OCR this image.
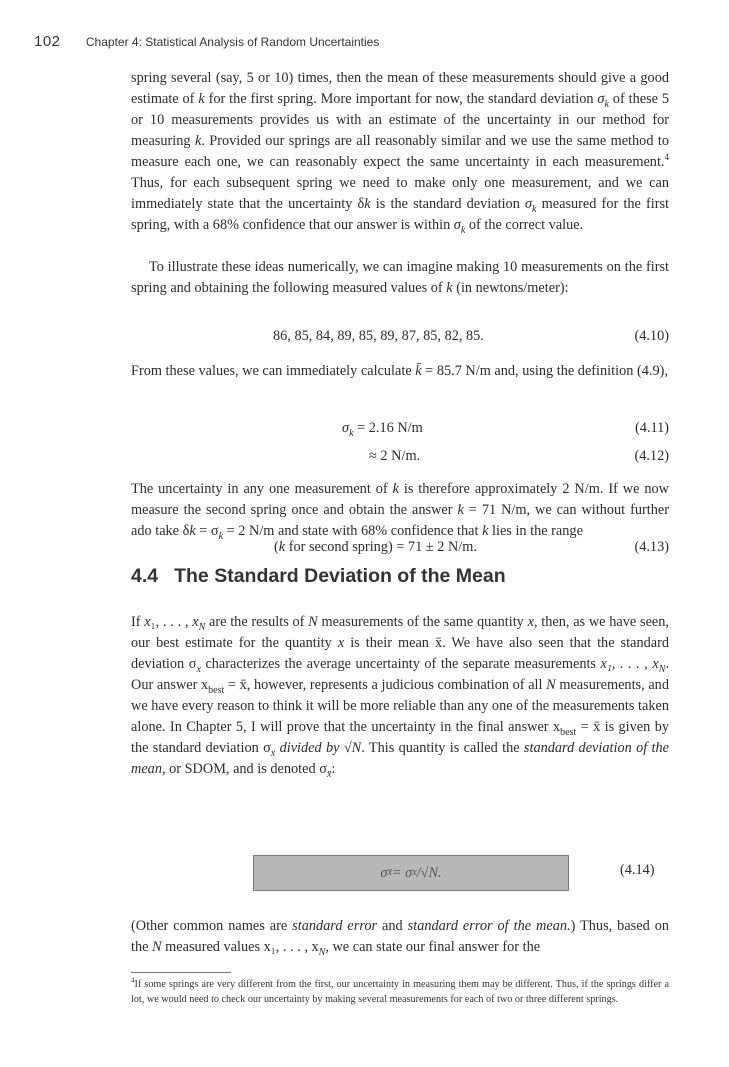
102 Chapter 4: Statistical Analysis of Random Uncertainties

spring several (say, 5 or 10) times, then the mean of these measurements should give a good estimate of k for the first spring. More important for now, the standard deviation $\sigma_k$ of these 5 or 10 measurements provides us with an estimate of the uncertainty in our method for measuring k. Provided our springs are all reasonably similar and we use the same method to measure each one, we can reasonably expect the same uncertainty in each measurement.$^4$ Thus, for each subsequent spring we need to make only one measurement, and we can immediately state that the uncertainty δk is the standard deviation $\sigma_k$ measured for the first spring, with a 68% confidence that our answer is within $\sigma_k$ of the correct value.

To illustrate these ideas numerically, we can imagine making 10 measurements on the first spring and obtaining the following measured values of k (in newtons/meter):

86, 85, 84, 89, 85, 89, 87, 85, 82, 85.	(4.10)

From these values, we can immediately calculate k̄ = 85.7 N/m and, using the definition (4.9),

$\sigma_k = 2.16$ N/m	(4.11)
≈ 2 N/m.	(4.12)

The uncertainty in any one measurement of k is therefore approximately 2 N/m. If we now measure the second spring once and obtain the answer k = 71 N/m, we can without further ado take $\delta k = \sigma_k = 2$ N/m and state with 68% confidence that k lies in the range

(k for second spring) = 71 ± 2 N/m.	(4.13)
4.4 The Standard Deviation of the Mean

If x₁, . . . , $x_N$ are the results of N measurements of the same quantity x, then, as we have seen, our best estimate for the quantity x is their mean x̄. We have also seen that the standard deviation $\sigma_x$ characterizes the average uncertainty of the separate measurements x₁, . . . , $x_N$. Our answer $x_{best}$ = x̄, however, represents a judicious combination of all N measurements, and we have every reason to think it will be more reliable than any one of the measurements taken alone. In Chapter 5, I will prove that the uncertainty in the final answer $x_{best}$ = x̄ is given by the standard deviation $\sigma_x$ divided by √N. This quantity is called the standard deviation of the mean, or SDOM, and is denoted $\sigma_{x̄}$:

σ x̄ = σ x /√N.	(4.14)

(Other common names are standard error and standard error of the mean.) Thus, based on the N measured values x₁, . . . , $x_N$, we can state our final answer for the

$^4$If some springs are very different from the first, our uncertainty in measuring them may be different. Thus, if the springs differ a lot, we would need to check our uncertainty by making several measurements for each of two or three different springs.
